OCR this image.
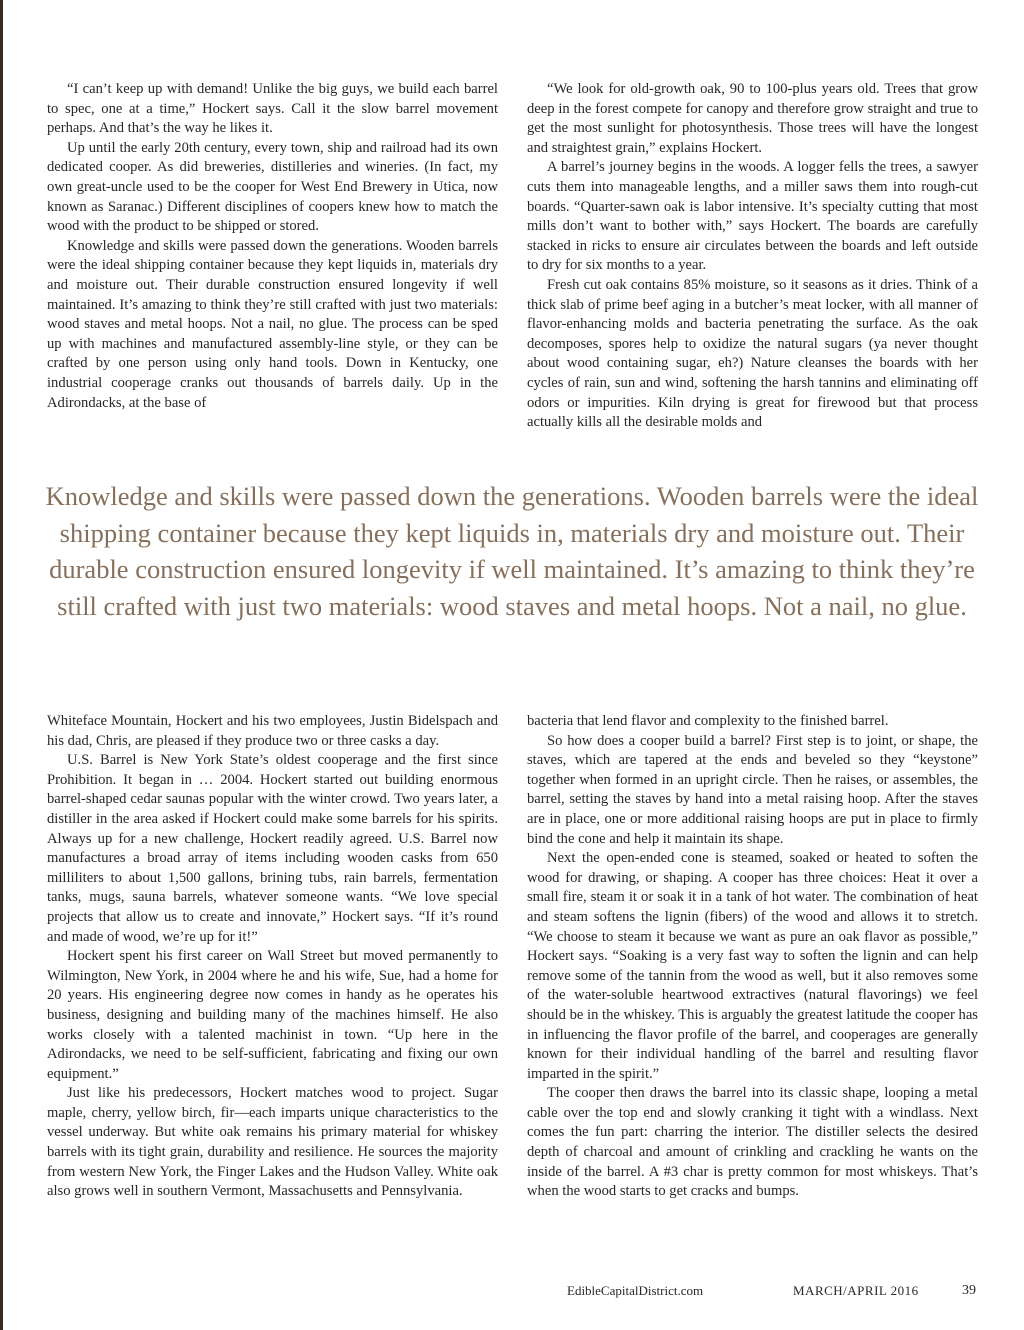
“I can’t keep up with demand! Unlike the big guys, we build each barrel to spec, one at a time,” Hockert says. Call it the slow barrel movement perhaps. And that’s the way he likes it.

Up until the early 20th century, every town, ship and railroad had its own dedicated cooper. As did breweries, distilleries and wineries. (In fact, my own great-uncle used to be the cooper for West End Brewery in Utica, now known as Saranac.) Different disciplines of coopers knew how to match the wood with the product to be shipped or stored.

Knowledge and skills were passed down the generations. Wooden barrels were the ideal shipping container because they kept liquids in, materials dry and moisture out. Their durable construction ensured longevity if well maintained. It’s amazing to think they’re still crafted with just two materials: wood staves and metal hoops. Not a nail, no glue. The process can be sped up with machines and manufactured assembly-line style, or they can be crafted by one person using only hand tools. Down in Kentucky, one industrial cooperage cranks out thousands of barrels daily. Up in the Adirondacks, at the base of

“We look for old-growth oak, 90 to 100-plus years old. Trees that grow deep in the forest compete for canopy and therefore grow straight and true to get the most sunlight for photosynthesis. Those trees will have the longest and straightest grain,” explains Hockert.

A barrel’s journey begins in the woods. A logger fells the trees, a sawyer cuts them into manageable lengths, and a miller saws them into rough-cut boards. “Quarter-sawn oak is labor intensive. It’s specialty cutting that most mills don’t want to bother with,” says Hockert. The boards are carefully stacked in ricks to ensure air circulates between the boards and left outside to dry for six months to a year.

Fresh cut oak contains 85% moisture, so it seasons as it dries. Think of a thick slab of prime beef aging in a butcher’s meat locker, with all manner of flavor-enhancing molds and bacteria penetrating the surface. As the oak decomposes, spores help to oxidize the natural sugars (ya never thought about wood containing sugar, eh?) Nature cleanses the boards with her cycles of rain, sun and wind, softening the harsh tannins and eliminating off odors or impurities. Kiln drying is great for firewood but that process actually kills all the desirable molds and

Knowledge and skills were passed down the generations. Wooden barrels were the ideal shipping container because they kept liquids in, materials dry and moisture out. Their durable construction ensured longevity if well maintained. It’s amazing to think they’re still crafted with just two materials: wood staves and metal hoops. Not a nail, no glue.

Whiteface Mountain, Hockert and his two employees, Justin Bidelspach and his dad, Chris, are pleased if they produce two or three casks a day.

U.S. Barrel is New York State’s oldest cooperage and the first since Prohibition. It began in … 2004. Hockert started out building enormous barrel-shaped cedar saunas popular with the winter crowd. Two years later, a distiller in the area asked if Hockert could make some barrels for his spirits. Always up for a new challenge, Hockert readily agreed. U.S. Barrel now manufactures a broad array of items including wooden casks from 650 milliliters to about 1,500 gallons, brining tubs, rain barrels, fermentation tanks, mugs, sauna barrels, whatever someone wants. “We love special projects that allow us to create and innovate,” Hockert says. “If it’s round and made of wood, we’re up for it!”

Hockert spent his first career on Wall Street but moved permanently to Wilmington, New York, in 2004 where he and his wife, Sue, had a home for 20 years. His engineering degree now comes in handy as he operates his business, designing and building many of the machines himself. He also works closely with a talented machinist in town. “Up here in the Adirondacks, we need to be self-sufficient, fabricating and fixing our own equipment.”

Just like his predecessors, Hockert matches wood to project. Sugar maple, cherry, yellow birch, fir—each imparts unique characteristics to the vessel underway. But white oak remains his primary material for whiskey barrels with its tight grain, durability and resilience. He sources the majority from western New York, the Finger Lakes and the Hudson Valley. White oak also grows well in southern Vermont, Massachusetts and Pennsylvania.

bacteria that lend flavor and complexity to the finished barrel.

So how does a cooper build a barrel? First step is to joint, or shape, the staves, which are tapered at the ends and beveled so they “keystone” together when formed in an upright circle. Then he raises, or assembles, the barrel, setting the staves by hand into a metal raising hoop. After the staves are in place, one or more additional raising hoops are put in place to firmly bind the cone and help it maintain its shape.

Next the open-ended cone is steamed, soaked or heated to soften the wood for drawing, or shaping. A cooper has three choices: Heat it over a small fire, steam it or soak it in a tank of hot water. The combination of heat and steam softens the lignin (fibers) of the wood and allows it to stretch. “We choose to steam it because we want as pure an oak flavor as possible,” Hockert says. “Soaking is a very fast way to soften the lignin and can help remove some of the tannin from the wood as well, but it also removes some of the water-soluble heartwood extractives (natural flavorings) we feel should be in the whiskey. This is arguably the greatest latitude the cooper has in influencing the flavor profile of the barrel, and cooperages are generally known for their individual handling of the barrel and resulting flavor imparted in the spirit.”

The cooper then draws the barrel into its classic shape, looping a metal cable over the top end and slowly cranking it tight with a windlass. Next comes the fun part: charring the interior. The distiller selects the desired depth of charcoal and amount of crinkling and crackling he wants on the inside of the barrel. A #3 char is pretty common for most whiskeys. That’s when the wood starts to get cracks and bumps.

EdibleCapitalDistrict.com	MARCH/APRIL 2016	39
